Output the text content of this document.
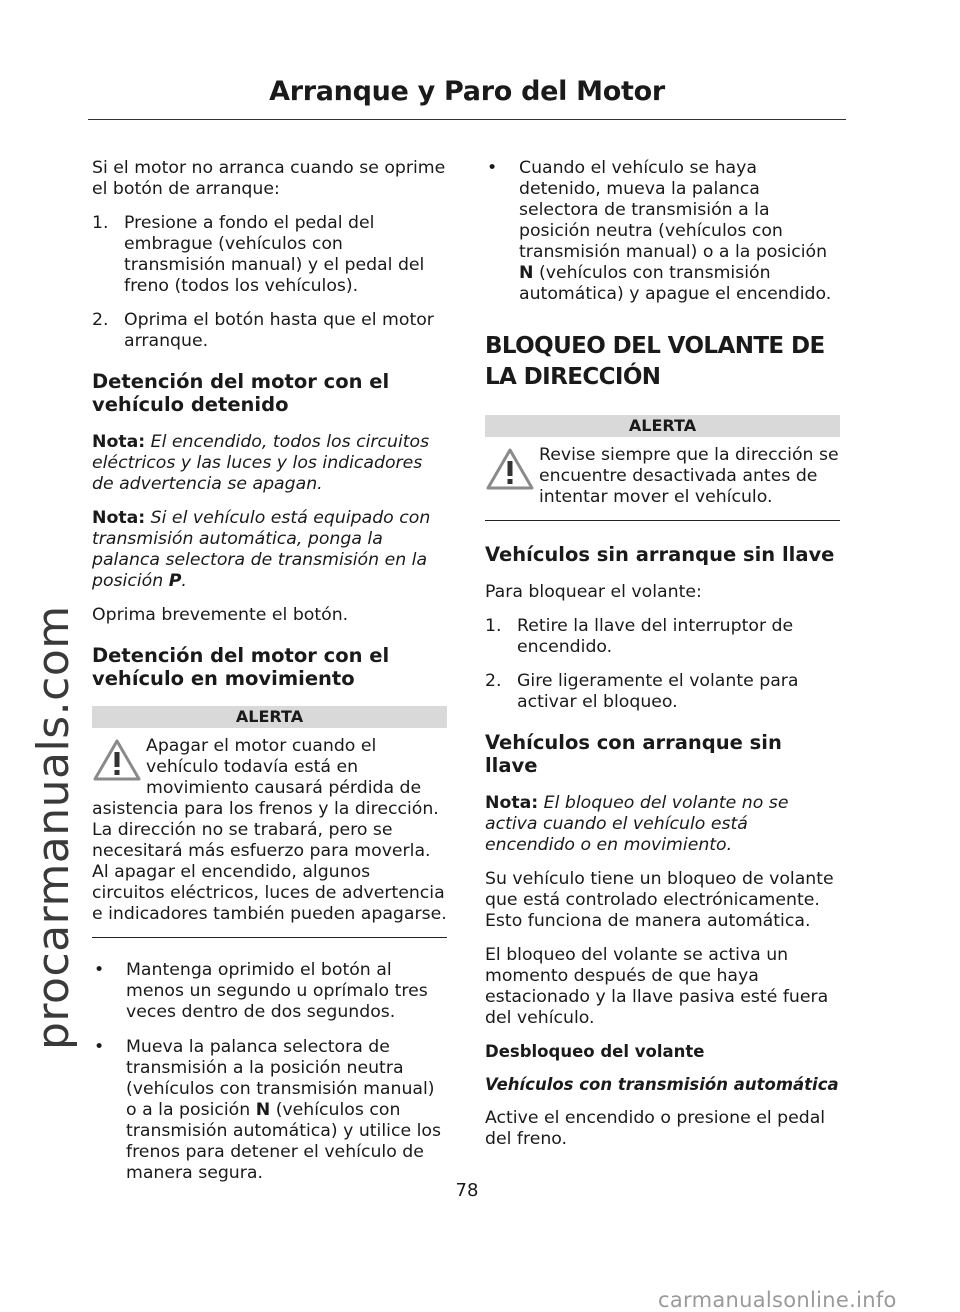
Arranque y Paro del Motor
procarmanuals.com

Si el motor no arranca cuando se oprime el botón de arranque:

1. Presione a fondo el pedal del embrague (vehículos con transmisión manual) y el pedal del freno (todos los vehículos).
2. Oprima el botón hasta que el motor arranque.
Detención del motor con el vehículo detenido

Nota: El encendido, todos los circuitos eléctricos y las luces y los indicadores de advertencia se apagan.

Nota: Si el vehículo está equipado con transmisión automática, ponga la palanca selectora de transmisión en la posición P.

Oprima brevemente el botón.

Detención del motor con el vehículo en movimiento
ALERTA
Apagar el motor cuando el vehículo todavía está en movimiento causará pérdida de asistencia para los frenos y la dirección. La dirección no se trabará, pero se necesitará más esfuerzo para moverla. Al apagar el encendido, algunos circuitos eléctricos, luces de advertencia e indicadores también pueden apagarse.
•	Mantenga oprimido el botón al menos un segundo u oprímalo tres veces dentro de dos segundos.
•	Mueva la palanca selectora de transmisión a la posición neutra (vehículos con transmisión manual) o a la posición N (vehículos con transmisión automática) y utilice los frenos para detener el vehículo de manera segura.
•	Cuando el vehículo se haya detenido, mueva la palanca selectora de transmisión a la posición neutra (vehículos con transmisión manual) o a la posición N (vehículos con transmisión automática) y apague el encendido.
BLOQUEO DEL VOLANTE DE LA DIRECCIÓN
ALERTA
Revise siempre que la dirección se encuentre desactivada antes de intentar mover el vehículo.
Vehículos sin arranque sin llave

Para bloquear el volante:

1. Retire la llave del interruptor de encendido.
2. Gire ligeramente el volante para activar el bloqueo.
Vehículos con arranque sin llave

Nota: El bloqueo del volante no se activa cuando el vehículo está encendido o en movimiento.

Su vehículo tiene un bloqueo de volante que está controlado electrónicamente. Esto funciona de manera automática.

El bloqueo del volante se activa un momento después de que haya estacionado y la llave pasiva esté fuera del vehículo.

Desbloqueo del volante
Vehículos con transmisión automática

Active el encendido o presione el pedal del freno.

78
carmanualsonline.info
